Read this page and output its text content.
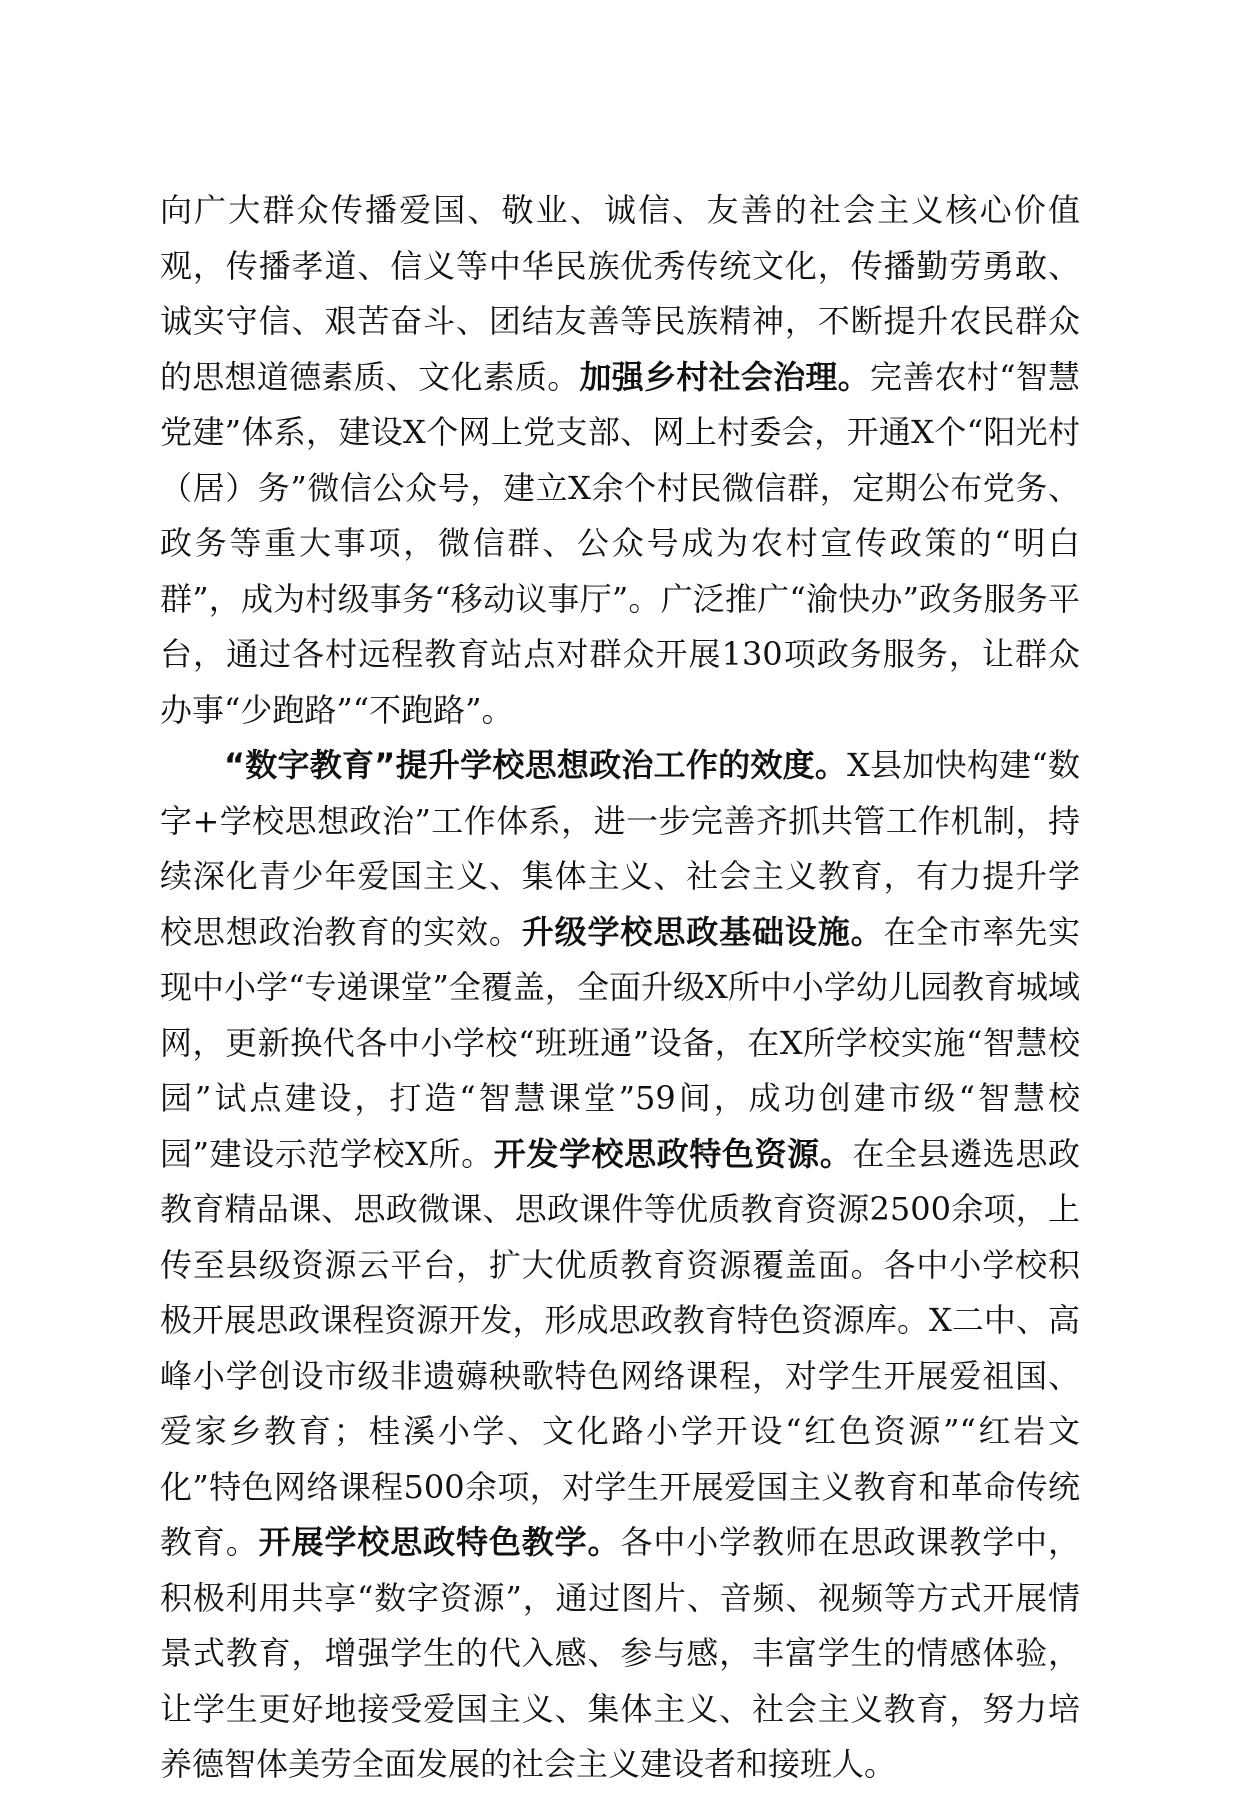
向广大群众传播爱国、敬业、诚信、友善的社会主义核心价值观，传播孝道、信义等中华民族优秀传统文化，传播勤劳勇敢、诚实守信、艰苦奋斗、团结友善等民族精神，不断提升农民群众的思想道德素质、文化素质。加强乡村社会治理。完善农村“智慧党建”体系，建设X个网上党支部、网上村委会，开通X个“阳光村（居）务”微信公众号，建立X余个村民微信群，定期公布党务、政务等重大事项，微信群、公众号成为农村宣传政策的“明白群”，成为村级事务“移动议事厅”。广泛推广“渝快办”政务服务平台，通过各村远程教育站点对群众开展130项政务服务，让群众办事“少跑路”“不跑路”。

“数字教育”提升学校思想政治工作的效度。X县加快构建“数字+学校思想政治”工作体系，进一步完善齐抓共管工作机制，持续深化青少年爱国主义、集体主义、社会主义教育，有力提升学校思想政治教育的实效。升级学校思政基础设施。在全市率先实现中小学“专递课堂”全覆盖，全面升级X所中小学幼儿园教育城域网，更新换代各中小学校“班班通”设备，在X所学校实施“智慧校园”试点建设，打造“智慧课堂”59间，成功创建市级“智慧校园”建设示范学校X所。开发学校思政特色资源。在全县遴选思政教育精品课、思政微课、思政课件等优质教育资源2500余项，上传至县级资源云平台，扩大优质教育资源覆盖面。各中小学校积极开展思政课程资源开发，形成思政教育特色资源库。X二中、高峰小学创设市级非遗薅秧歌特色网络课程，对学生开展爱祖国、爱家乡教育；桂溪小学、文化路小学开设“红色资源”“红岩文化”特色网络课程500余项，对学生开展爱国主义教育和革命传统教育。开展学校思政特色教学。各中小学教师在思政课教学中，积极利用共享“数字资源”，通过图片、音频、视频等方式开展情景式教育，增强学生的代入感、参与感，丰富学生的情感体验，让学生更好地接受爱国主义、集体主义、社会主义教育，努力培养德智体美劳全面发展的社会主义建设者和接班人。
